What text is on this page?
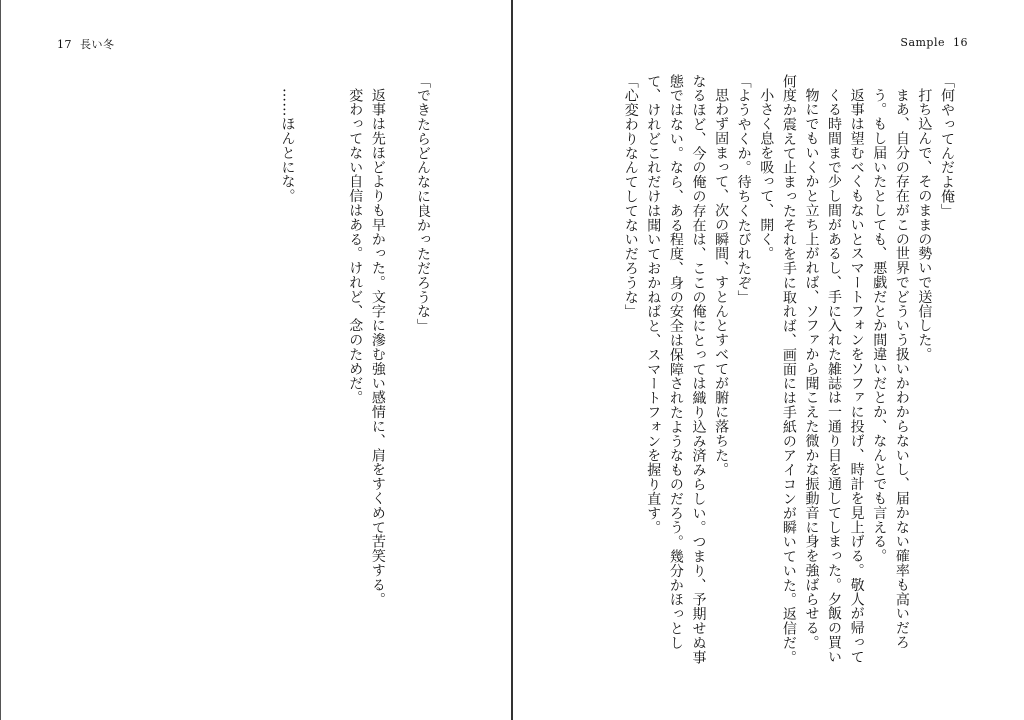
17 長い冬

「できたらどんなに良かっただろうな」

返事は先ほどよりも早かった。文字に滲む強い感情に、肩をすくめて苦笑する。

変わってない自信はある。けれど、念のためだ。

……ほんとにな。

Sample 16

「何やってんだよ俺」

打ち込んで、そのままの勢いで送信した。

まあ、自分の存在がこの世界でどういう扱いかわからないし、届かない確率も高いだろう。もし届いたとしても、悪戯だとか間違いだとか、なんとでも言える。

返事は望むべくもないとスマートフォンをソファに投げ、時計を見上げる。敬人が帰ってくる時間まで少し間があるし、手に入れた雑誌は一通り目を通してしまった。夕飯の買い物にでもいくかと立ち上がれば、ソファから聞こえた微かな振動音に身を強ばらせる。

何度か震えて止まったそれを手に取れば、画面には手紙のアイコンが瞬いていた。返信だ。

小さく息を吸って、開く。

「ようやくか。待ちくたびれたぞ」

思わず固まって、次の瞬間、すとんとすべてが腑に落ちた。

なるほど、今の俺の存在は、ここの俺にとっては織り込み済みらしい。つまり、予期せぬ事態ではない。なら、ある程度、身の安全は保障されたようなものだろう。幾分かほっとして、けれどこれだけは聞いておかねばと、スマートフォンを握り直す。

「心変わりなんてしてないだろうな」
